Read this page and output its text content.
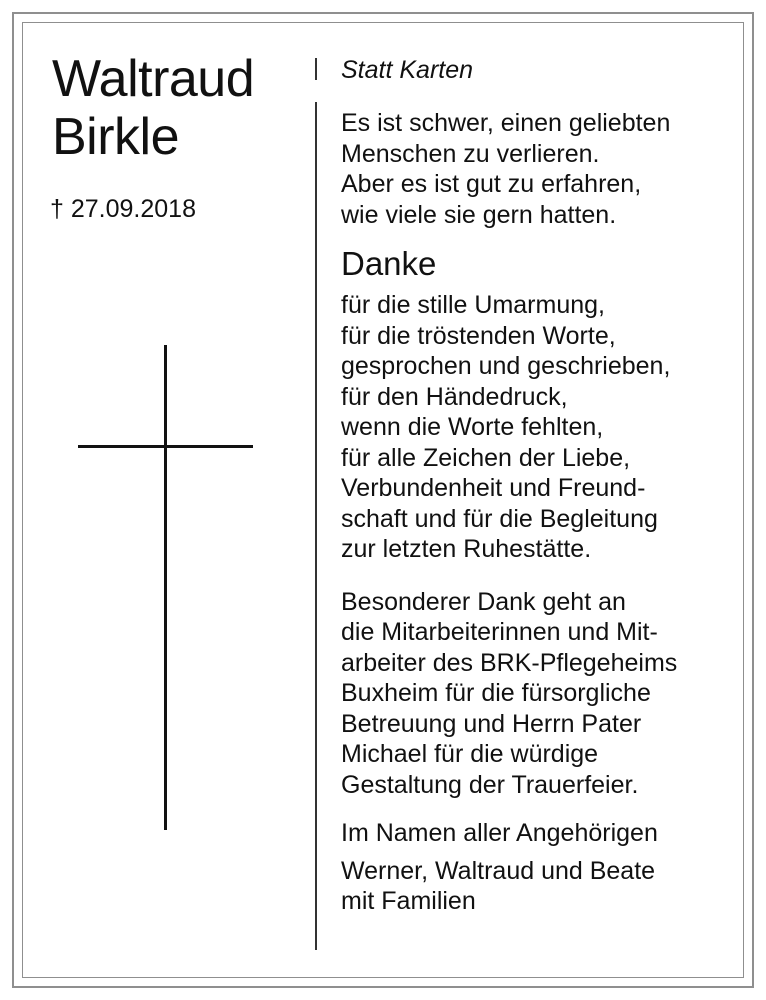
Waltraud
Birkle
† 27.09.2018
Statt Karten
Es ist schwer, einen geliebten
Menschen zu verlieren.
Aber es ist gut zu erfahren,
wie viele sie gern hatten.
Danke
für die stille Umarmung,
für die tröstenden Worte,
gesprochen und geschrieben,
für den Händedruck,
wenn die Worte fehlten,
für alle Zeichen der Liebe,
Verbundenheit und Freund-
schaft und für die Begleitung
zur letzten Ruhestätte.
Besonderer Dank geht an
die Mitarbeiterinnen und Mit-
arbeiter des BRK-Pflegeheims
Buxheim für die fürsorgliche
Betreuung und Herrn Pater
Michael für die würdige
Gestaltung der Trauerfeier.
Im Namen aller Angehörigen
Werner, Waltraud und Beate
mit Familien
